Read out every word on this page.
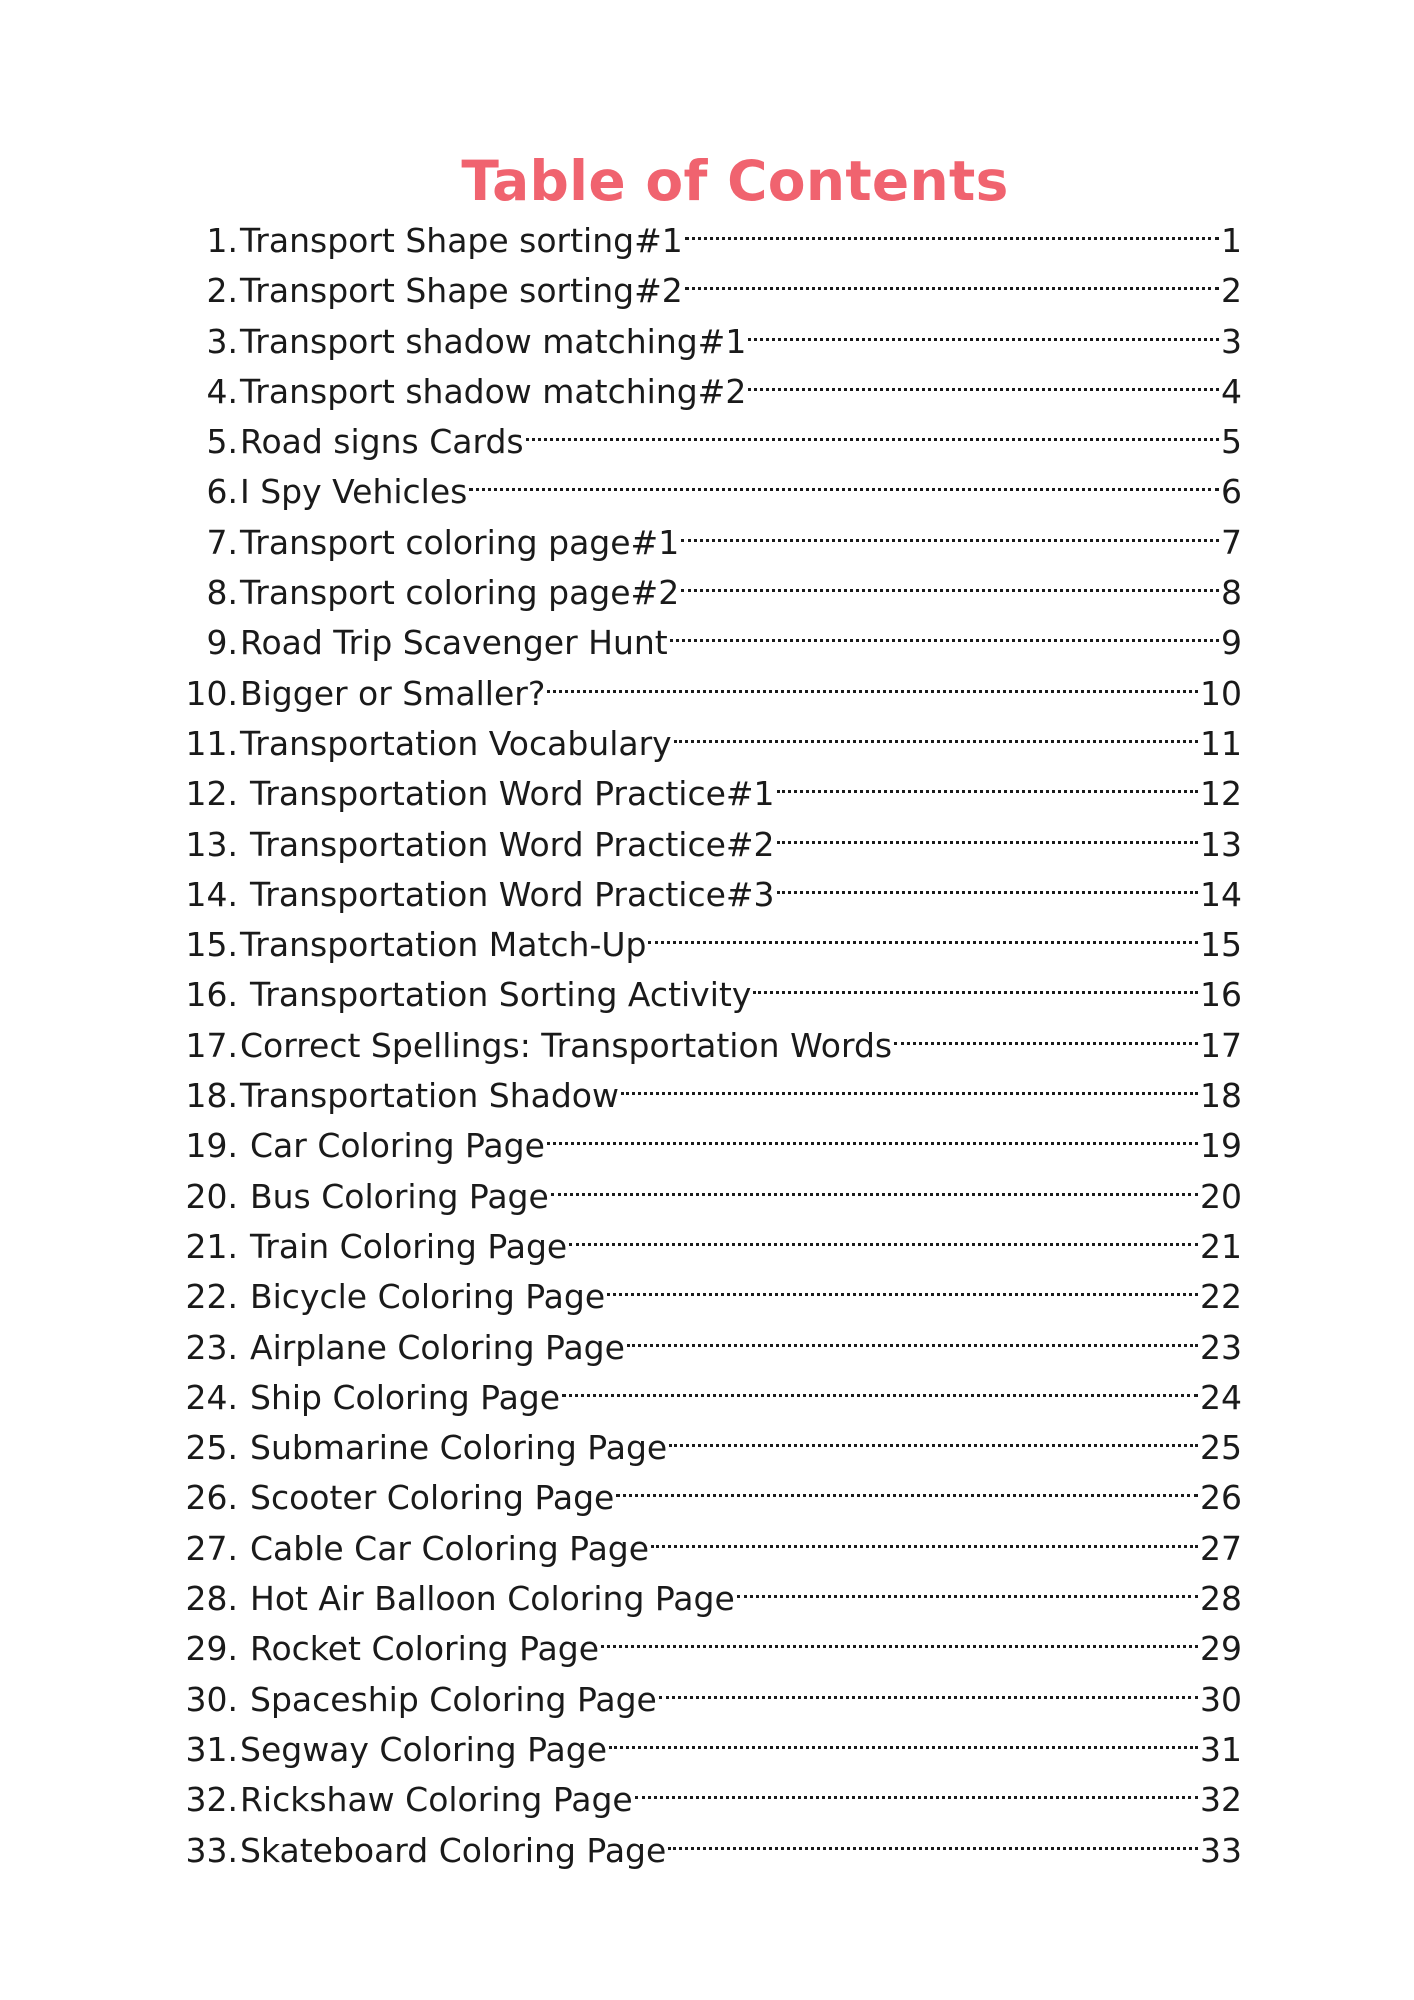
Table of Contents
1. Transport Shape sorting#1	1
2. Transport Shape sorting#2	2
3. Transport shadow matching#1	3
4. Transport shadow matching#2	4
5. Road signs Cards	5
6. I Spy Vehicles	6
7. Transport coloring page#1	7
8. Transport coloring page#2	8
9. Road Trip Scavenger Hunt	9
10. Bigger or Smaller?	10
11. Transportation Vocabulary	11
12. Transportation Word Practice#1	12
13. Transportation Word Practice#2	13
14. Transportation Word Practice#3	14
15. Transportation Match-Up	15
16. Transportation Sorting Activity	16
17. Correct Spellings: Transportation Words	17
18. Transportation Shadow	18
19. Car Coloring Page	19
20. Bus Coloring Page	20
21. Train Coloring Page	21
22. Bicycle Coloring Page	22
23. Airplane Coloring Page	23
24. Ship Coloring Page	24
25. Submarine Coloring Page	25
26. Scooter Coloring Page	26
27. Cable Car Coloring Page	27
28. Hot Air Balloon Coloring Page	28
29. Rocket Coloring Page	29
30. Spaceship Coloring Page	30
31. Segway Coloring Page	31
32. Rickshaw Coloring Page	32
33. Skateboard Coloring Page	33
